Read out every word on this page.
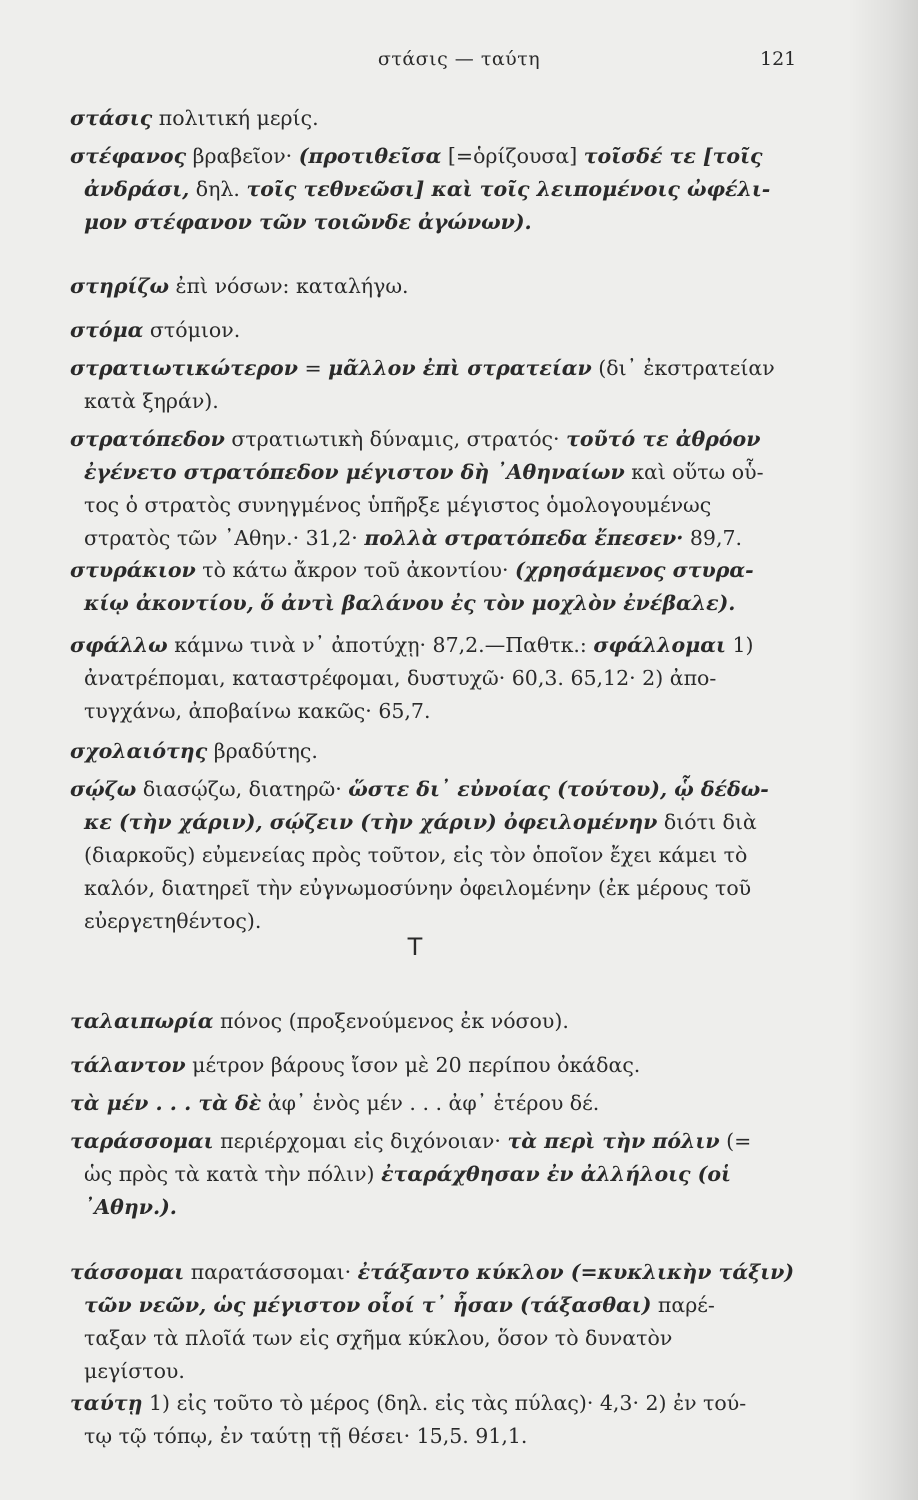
στάσις — ταύτη	121
στάσις πολιτική μερίς.
στέφανος βραβεῖον· (προτιθεῖσα [=ὁρίζουσα] τοῖσδέ τε [τοῖς
ἀνδράσι, δηλ. τοῖς τεθνεῶσι] καὶ τοῖς λειπομένοις ὠφέλι-
μον στέφανον τῶν τοιῶνδε ἀγώνων).
στηρίζω ἐπὶ νόσων: καταλήγω.
στόμα στόμιον.
στρατιωτικώτερον = μᾶλλον ἐπὶ στρατείαν (δι᾿ ἐκστρατείαν
κατὰ ξηράν).
στρατόπεδον στρατιωτικὴ δύναμις, στρατός· τοῦτό τε ἀθρόον
ἐγένετο στρατόπεδον μέγιστον δὴ ᾿Αθηναίων καὶ οὕτω οὗ-
τος ὁ στρατὸς συνηγμένος ὑπῆρξε μέγιστος ὁμολογουμένως
στρατὸς τῶν ᾿Αθην.· 31,2· πολλὰ στρατόπεδα ἔπεσεν· 89,7.
στυράκιον τὸ κάτω ἄκρον τοῦ ἀκοντίου· (χρησάμενος στυρα-
κίῳ ἀκοντίου, ὅ ἀντὶ βαλάνου ἐς τὸν μοχλὸν ἐνέβαλε).
σφάλλω κάμνω τινὰ ν᾿ ἀποτύχῃ· 87,2.—Παθτκ.: σφάλλομαι 1)
ἀνατρέπομαι, καταστρέφομαι, δυστυχῶ· 60,3. 65,12· 2) ἀπο-
τυγχάνω, ἀποβαίνω κακῶς· 65,7.
σχολαιότης βραδύτης.
σῴζω διασῴζω, διατηρῶ· ὥστε δι᾿ εὐνοίας (τούτου), ᾧ δέδω-
κε (τὴν χάριν), σῴζειν (τὴν χάριν) ὀφειλομένην διότι διὰ
(διαρκοῦς) εὐμενείας πρὸς τοῦτον, εἰς τὸν ὁποῖον ἔχει κάμει τὸ
καλόν, διατηρεῖ τὴν εὐγνωμοσύνην ὀφειλομένην (ἐκ μέρους τοῦ
εὐεργετηθέντος).
ταλαιπωρία πόνος (προξενούμενος ἐκ νόσου).
τάλαντον μέτρον βάρους ἴσον μὲ 20 περίπου ὀκάδας.
τὰ μέν . . . τὰ δὲ ἀφ᾿ ἑνὸς μέν . . . ἀφ᾿ ἑτέρου δέ.
ταράσσομαι περιέρχομαι εἰς διχόνοιαν· τὰ περὶ τὴν πόλιν (=
ὡς πρὸς τὰ κατὰ τὴν πόλιν) ἐταράχθησαν ἐν ἀλλήλοις (οἱ
᾿Αθην.).
τάσσομαι παρατάσσομαι· ἐτάξαντο κύκλον (=κυκλικὴν τάξιν)
τῶν νεῶν, ὡς μέγιστον οἷοί τ᾿ ἦσαν (τάξασθαι) παρέ-
ταξαν τὰ πλοῖά των εἰς σχῆμα κύκλου, ὅσον τὸ δυνατὸν
μεγίστου.
ταύτῃ 1) εἰς τοῦτο τὸ μέρος (δηλ. εἰς τὰς πύλας)· 4,3· 2) ἐν τού-
τῳ τῷ τόπῳ, ἐν ταύτῃ τῇ θέσει· 15,5. 91,1.
Τ
